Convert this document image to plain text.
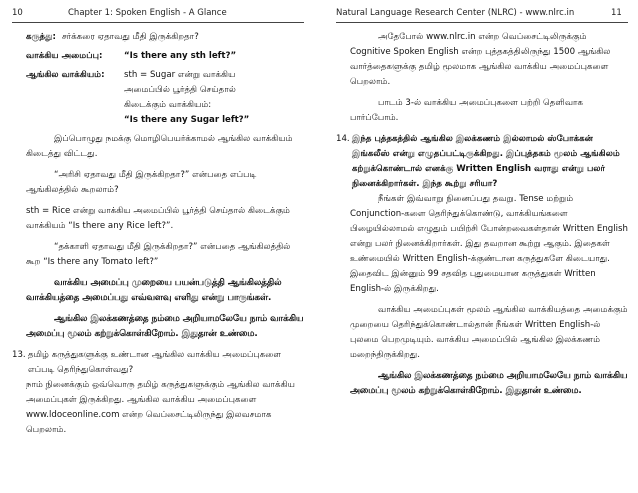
10	Chapter 1: Spoken English - A Glance
கருத்து: சர்க்கரை ஏதாவது மீதி இருக்கிறதா?
வாக்கிய அமைப்பு:	“Is there any sth left?”
ஆங்கில வாக்கியம்:	sth = Sugar என்று வாக்கிய
அமைப்பில் பூர்த்தி செய்தால்
கிடைக்கும் வாக்கியம்:
“Is there any Sugar left?”

இப்பொழுது நமக்கு மொழிபெயர்க்காமல் ஆங்கில வாக்கியம் கிடைத்து விட்டது.

“அரிசி ஏதாவது மீதி இருக்கிறதா?” என்பதை எப்படி ஆங்கிலத்தில் கூறலாம்?

sth = Rice என்று வாக்கிய அமைப்பில் பூர்த்தி செய்தால் கிடைக்கும் வாக்கியம் “Is there any Rice left?”.

“தக்காளி ஏதாவது மீதி இருக்கிறதா?” என்பதை ஆங்கிலத்தில் கூற “Is there any Tomato left?”

வாக்கிய அமைப்பு முறையை பயன்படுத்தி ஆங்கிலத்தில் வாக்கியத்தை அமைப்பது எவ்வளவு எளிது என்று பாருங்கள்.

ஆங்கில இலக்கணத்தை நம்மை அறியாமலேயே நாம் வாக்கிய அமைப்பு மூலம் கற்றுக்கொள்கிறோம். இதுதான் உண்மை.

13. தமிழ் கருத்துகளுக்கு உண்டான ஆங்கில வாக்கிய அமைப்புகளை எப்படி தெரிந்துகொள்வது?

நாம் நினைக்கும் ஒவ்வொரு தமிழ் கருத்துகளுக்கும் ஆங்கில வாக்கிய அமைப்புகள் இருக்கிறது. ஆங்கில வாக்கிய அமைப்புகளை www.ldoceonline.com என்ற வெப்சைட்டிலிருந்து இலவசமாக பெறலாம்.

Natural Language Research Center (NLRC) - www.nlrc.in	11

அதேபோல் www.nlrc.in என்ற வெப்சைட்டிலிருக்கும் Cognitive Spoken English என்ற புத்தகத்திலிருந்து 1500 ஆங்கில வார்த்தைகளுக்கு தமிழ் மூலமாக ஆங்கில வாக்கிய அமைப்புகளை பெறலாம்.

பாடம் 3-ல் வாக்கிய அமைப்புகளை பற்றி தெளிவாக பார்ப்போம்.

14. இந்த புத்தகத்தில் ஆங்கில இலக்கணம் இல்லாமல் ஸ்போக்கன் இங்கலீஸ் என்று எழுதப்பட்டிருக்கிறது. இப்புத்தகம் மூலம் ஆங்கிலம் கற்றுக்கொண்டால் எனக்கு Written English வராது என்று பலர் நினைக்கிறார்கள். இந்த கூற்று சரியா?

நீங்கள் இவ்வாறு நினைப்பது தவறு. Tense மற்றும் Conjunction-களை தெரிந்துக்கொண்டு, வாக்கியங்களை பிழையில்லாமல் எழுதும் பயிற்சி போன்றவைகள்தான் Written English என்று பலர் நினைக்கிறார்கள். இது தவறான கூற்று ஆகும். இதைகள் உண்மையில் Written English-க்குண்டான கருத்துகளே கிடையாது. இதைவிட இன்னும் 99 சதவித புதுமையான கருத்துகள் Written English-ல் இருக்கிறது.

வாக்கிய அமைப்புகள் மூலம் ஆங்கில வாக்கியத்தை அமைக்கும் முறையை தெரிந்துக்கொண்டால்தான் நீங்கள் Written English-ல் புலமை பெறமுடியும். வாக்கிய அமைப்பில் ஆங்கில இலக்கணம் மறைந்திருக்கிறது.

ஆங்கில இலக்கணத்தை நம்மை அறியாமலேயே நாம் வாக்கிய அமைப்பு மூலம் கற்றுக்கொள்கிறோம். இதுதான் உண்மை.
